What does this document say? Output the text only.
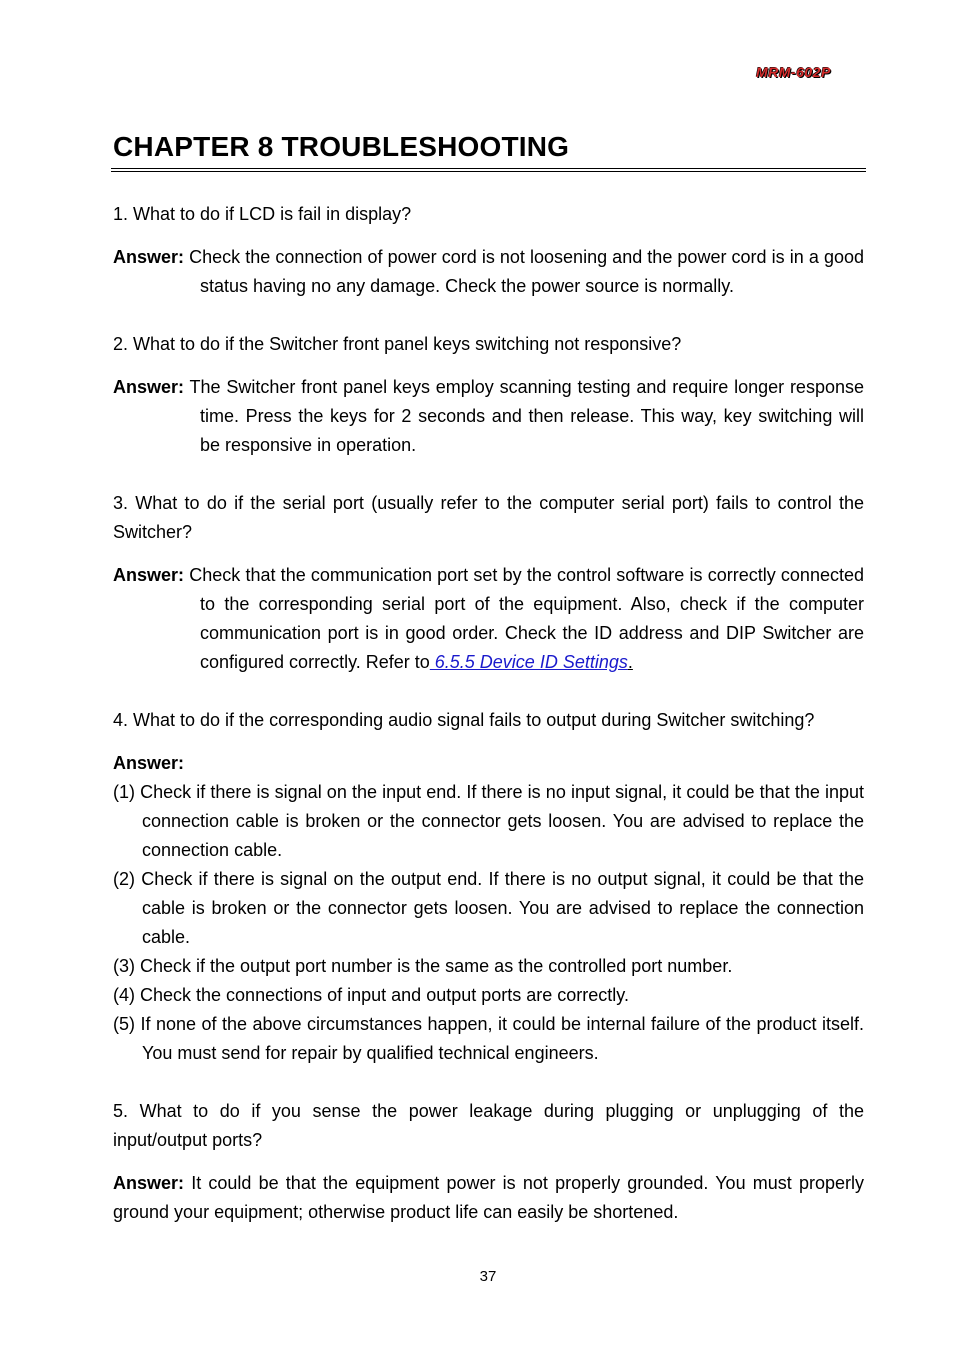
MRM-602P
CHAPTER 8 TROUBLESHOOTING

1. What to do if LCD is fail in display?

Answer: Check the connection of power cord is not loosening and the power cord is in a good status having no any damage. Check the power source is normally.

2. What to do if the Switcher front panel keys switching not responsive?

Answer: The Switcher front panel keys employ scanning testing and require longer response time. Press the keys for 2 seconds and then release. This way, key switching will be responsive in operation.

3. What to do if the serial port (usually refer to the computer serial port) fails to control the Switcher?

Answer: Check that the communication port set by the control software is correctly connected to the corresponding serial port of the equipment. Also, check if the computer communication port is in good order. Check the ID address and DIP Switcher are configured correctly. Refer to 6.5.5 Device ID Settings.

4. What to do if the corresponding audio signal fails to output during Switcher switching?

Answer:

(1) Check if there is signal on the input end. If there is no input signal, it could be that the input connection cable is broken or the connector gets loosen. You are advised to replace the connection cable.
(2) Check if there is signal on the output end. If there is no output signal, it could be that the cable is broken or the connector gets loosen. You are advised to replace the connection cable.
(3) Check if the output port number is the same as the controlled port number.
(4) Check the connections of input and output ports are correctly.
(5) If none of the above circumstances happen, it could be internal failure of the product itself. You must send for repair by qualified technical engineers.

5. What to do if you sense the power leakage during plugging or unplugging of the input/output ports?

Answer: It could be that the equipment power is not properly grounded. You must properly ground your equipment; otherwise product life can easily be shortened.

37
